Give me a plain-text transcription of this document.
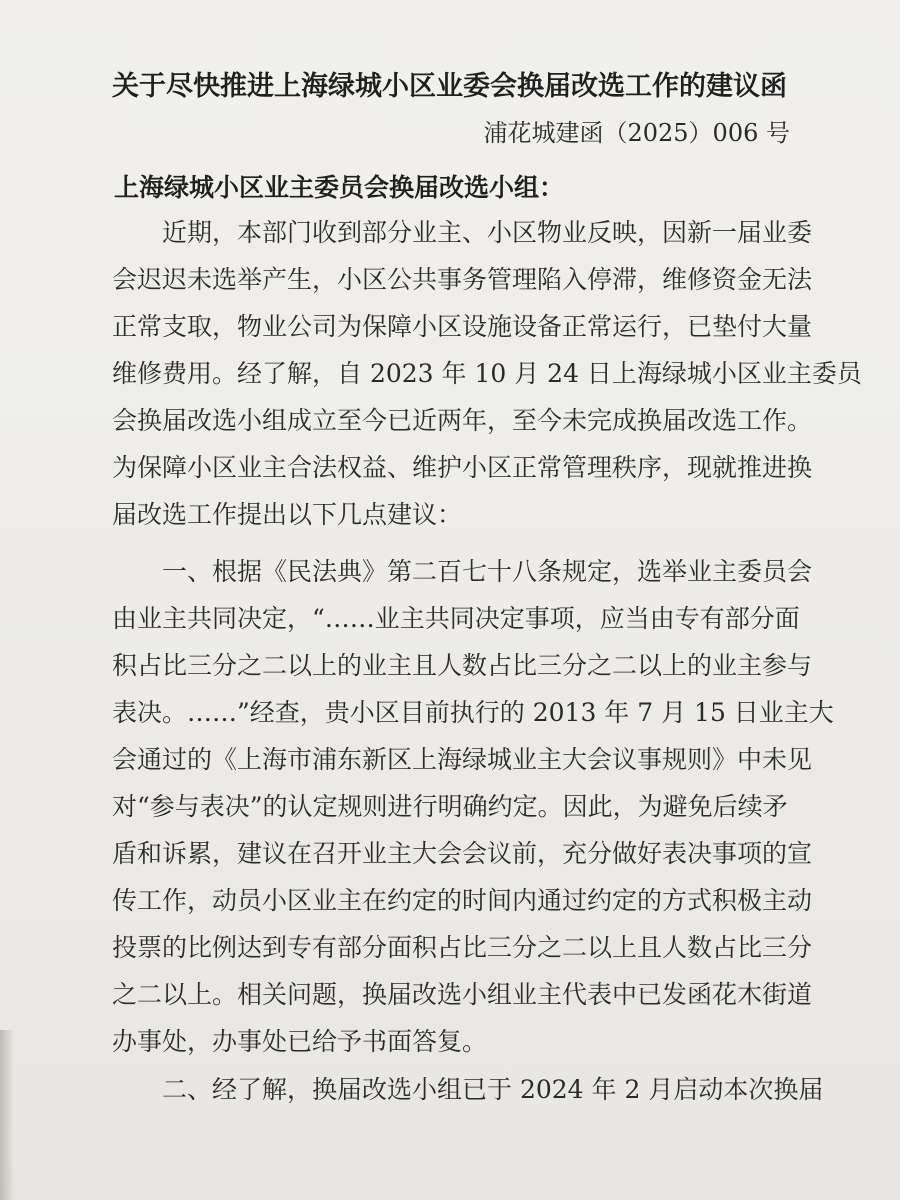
关于尽快推进上海绿城小区业委会换届改选工作的建议函
浦花城建函（2025）006 号
上海绿城小区业主委员会换届改选小组：
近期，本部门收到部分业主、小区物业反映，因新一届业委
会迟迟未选举产生，小区公共事务管理陷入停滞，维修资金无法
正常支取，物业公司为保障小区设施设备正常运行，已垫付大量
维修费用。经了解，自 2023 年 10 月 24 日上海绿城小区业主委员
会换届改选小组成立至今已近两年，至今未完成换届改选工作。
为保障小区业主合法权益、维护小区正常管理秩序，现就推进换
届改选工作提出以下几点建议：
一、根据《民法典》第二百七十八条规定，选举业主委员会
由业主共同决定，“……业主共同决定事项，应当由专有部分面
积占比三分之二以上的业主且人数占比三分之二以上的业主参与
表决。……”经查，贵小区目前执行的 2013 年 7 月 15 日业主大
会通过的《上海市浦东新区上海绿城业主大会议事规则》中未见
对“参与表决”的认定规则进行明确约定。因此，为避免后续矛
盾和诉累，建议在召开业主大会会议前，充分做好表决事项的宣
传工作，动员小区业主在约定的时间内通过约定的方式积极主动
投票的比例达到专有部分面积占比三分之二以上且人数占比三分
之二以上。相关问题，换届改选小组业主代表中已发函花木街道
办事处，办事处已给予书面答复。
二、经了解，换届改选小组已于 2024 年 2 月启动本次换届
